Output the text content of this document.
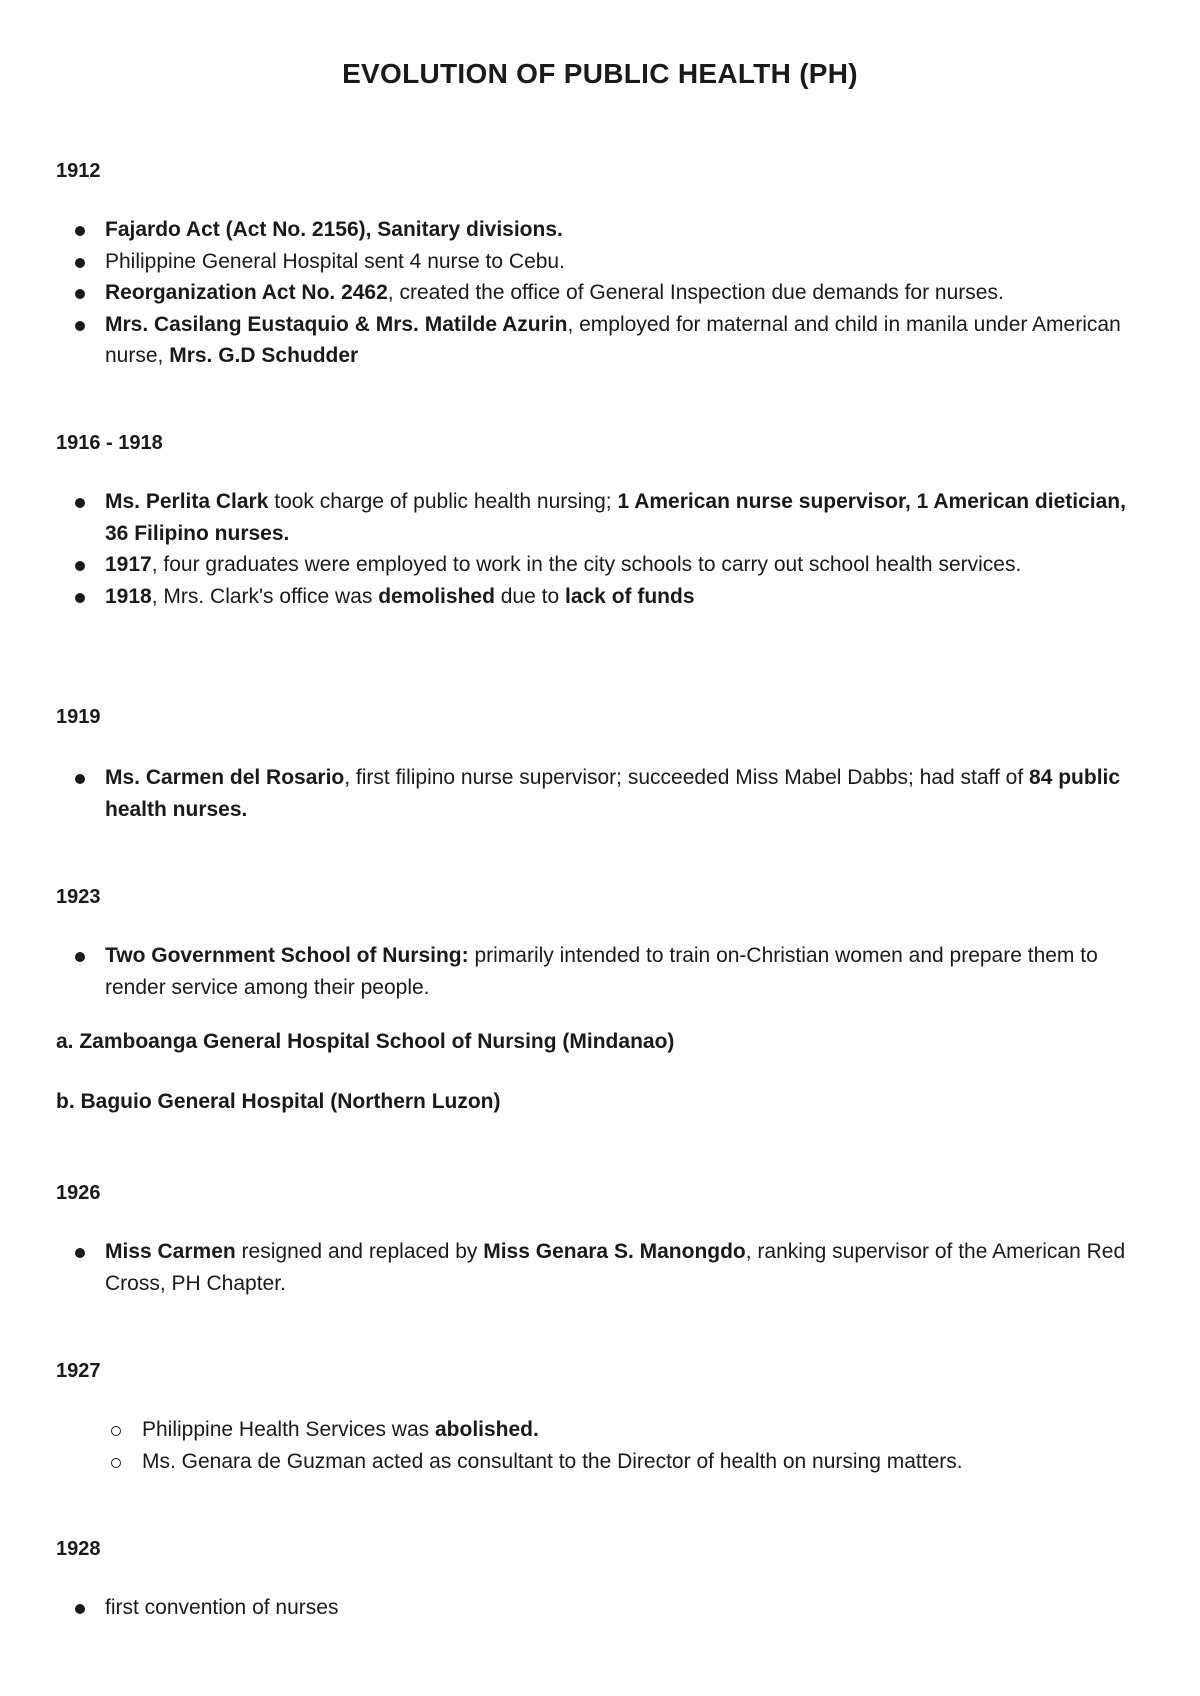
EVOLUTION OF PUBLIC HEALTH (PH)
1912
Fajardo Act (Act No. 2156), Sanitary divisions.
Philippine General Hospital sent 4 nurse to Cebu.
Reorganization Act No. 2462, created the office of General Inspection due demands for nurses.
Mrs. Casilang Eustaquio & Mrs. Matilde Azurin, employed for maternal and child in manila under American nurse, Mrs. G.D Schudder
1916 - 1918
Ms. Perlita Clark took charge of public health nursing; 1 American nurse supervisor, 1 American dietician, 36 Filipino nurses.
1917, four graduates were employed to work in the city schools to carry out school health services.
1918, Mrs. Clark's office was demolished due to lack of funds
1919
Ms. Carmen del Rosario, first filipino nurse supervisor; succeeded Miss Mabel Dabbs; had staff of 84 public health nurses.
1923
Two Government School of Nursing: primarily intended to train on-Christian women and prepare them to render service among their people.
a. Zamboanga General Hospital School of Nursing (Mindanao)
b. Baguio General Hospital (Northern Luzon)
1926
Miss Carmen resigned and replaced by Miss Genara S. Manongdo, ranking supervisor of the American Red Cross, PH Chapter.
1927
Philippine Health Services was abolished.
Ms. Genara de Guzman acted as consultant to the Director of health on nursing matters.
1928
first convention of nurses
